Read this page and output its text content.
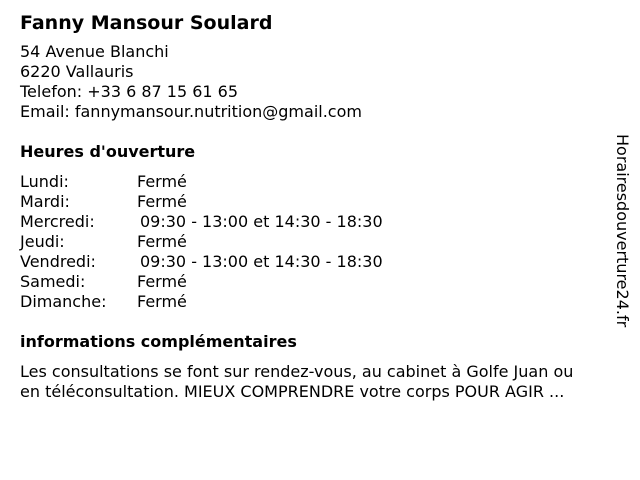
Fanny Mansour Soulard
54 Avenue Blanchi
6220 Vallauris
Telefon: +33 6 87 15 61 65
Email: fannymansour.nutrition@gmail.com
Heures d'ouverture
Lundi:	Fermé
Mardi:	Fermé
Mercredi:	09:30 - 13:00 et 14:30 - 18:30
Jeudi:	Fermé
Vendredi:	09:30 - 13:00 et 14:30 - 18:30
Samedi:	Fermé
Dimanche: Fermé
informations complémentaires
Les consultations se font sur rendez-vous, au cabinet à Golfe Juan ou
en téléconsultation. MIEUX COMPRENDRE votre corps POUR AGIR ...
Horairesdouverture24.fr
